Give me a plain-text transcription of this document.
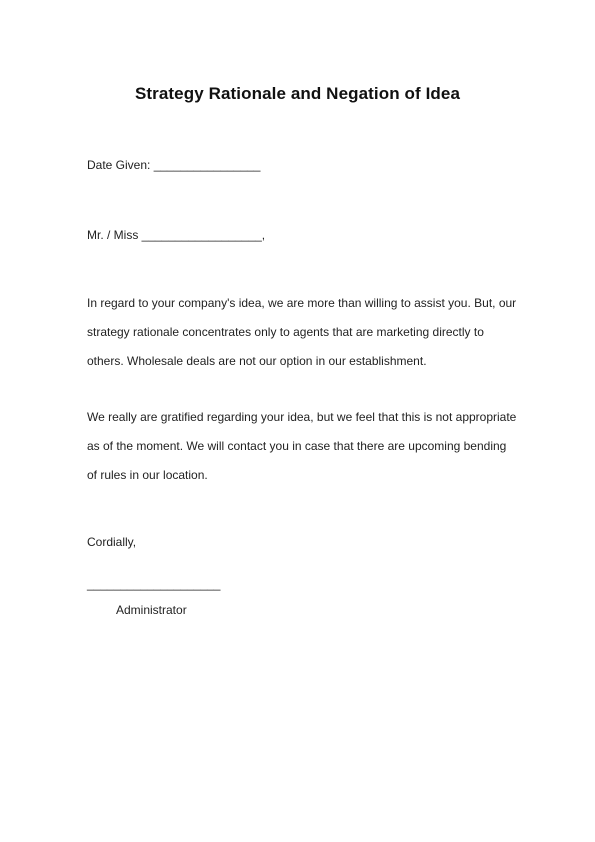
Strategy Rationale and Negation of Idea
Date Given: ________________
Mr. / Miss __________________,
In regard to your company's idea, we are more than willing to assist you. But, our
strategy rationale concentrates only to agents that are marketing directly to
others. Wholesale deals are not our option in our establishment.
We really are gratified regarding your idea, but we feel that this is not appropriate
as of the moment. We will contact you in case that there are upcoming bending
of rules in our location.
Cordially,
____________________
Administrator
